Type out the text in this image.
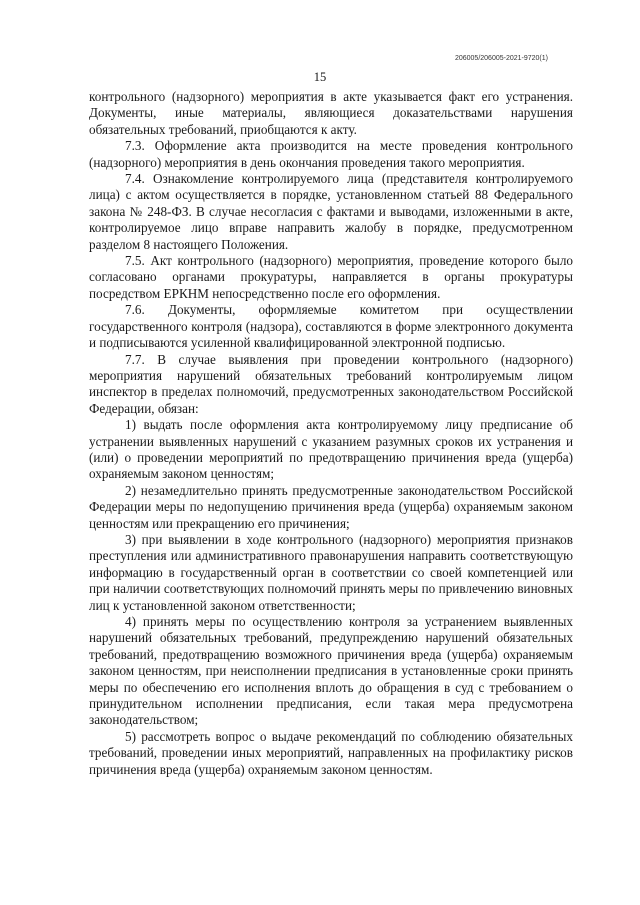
206005/206005-2021-9720(1)
15

контрольного (надзорного) мероприятия в акте указывается факт его устранения. Документы, иные материалы, являющиеся доказательствами нарушения обязательных требований, приобщаются к акту.

7.3. Оформление акта производится на месте проведения контрольного (надзорного) мероприятия в день окончания проведения такого мероприятия.

7.4. Ознакомление контролируемого лица (представителя контролируемого лица) с актом осуществляется в порядке, установленном статьей 88 Федерального закона № 248-ФЗ. В случае несогласия с фактами и выводами, изложенными в акте, контролируемое лицо вправе направить жалобу в порядке, предусмотренном разделом 8 настоящего Положения.

7.5. Акт контрольного (надзорного) мероприятия, проведение которого было согласовано органами прокуратуры, направляется в органы прокуратуры посредством ЕРКНМ непосредственно после его оформления.

7.6. Документы, оформляемые комитетом при осуществлении государственного контроля (надзора), составляются в форме электронного документа и подписываются усиленной квалифицированной электронной подписью.

7.7. В случае выявления при проведении контрольного (надзорного) мероприятия нарушений обязательных требований контролируемым лицом инспектор в пределах полномочий, предусмотренных законодательством Российской Федерации, обязан:

1) выдать после оформления акта контролируемому лицу предписание об устранении выявленных нарушений с указанием разумных сроков их устранения и (или) о проведении мероприятий по предотвращению причинения вреда (ущерба) охраняемым законом ценностям;

2) незамедлительно принять предусмотренные законодательством Российской Федерации меры по недопущению причинения вреда (ущерба) охраняемым законом ценностям или прекращению его причинения;

3) при выявлении в ходе контрольного (надзорного) мероприятия признаков преступления или административного правонарушения направить соответствующую информацию в государственный орган в соответствии со своей компетенцией или при наличии соответствующих полномочий принять меры по привлечению виновных лиц к установленной законом ответственности;

4) принять меры по осуществлению контроля за устранением выявленных нарушений обязательных требований, предупреждению нарушений обязательных требований, предотвращению возможного причинения вреда (ущерба) охраняемым законом ценностям, при неисполнении предписания в установленные сроки принять меры по обеспечению его исполнения вплоть до обращения в суд с требованием о принудительном исполнении предписания, если такая мера предусмотрена законодательством;

5) рассмотреть вопрос о выдаче рекомендаций по соблюдению обязательных требований, проведении иных мероприятий, направленных на профилактику рисков причинения вреда (ущерба) охраняемым законом ценностям.
